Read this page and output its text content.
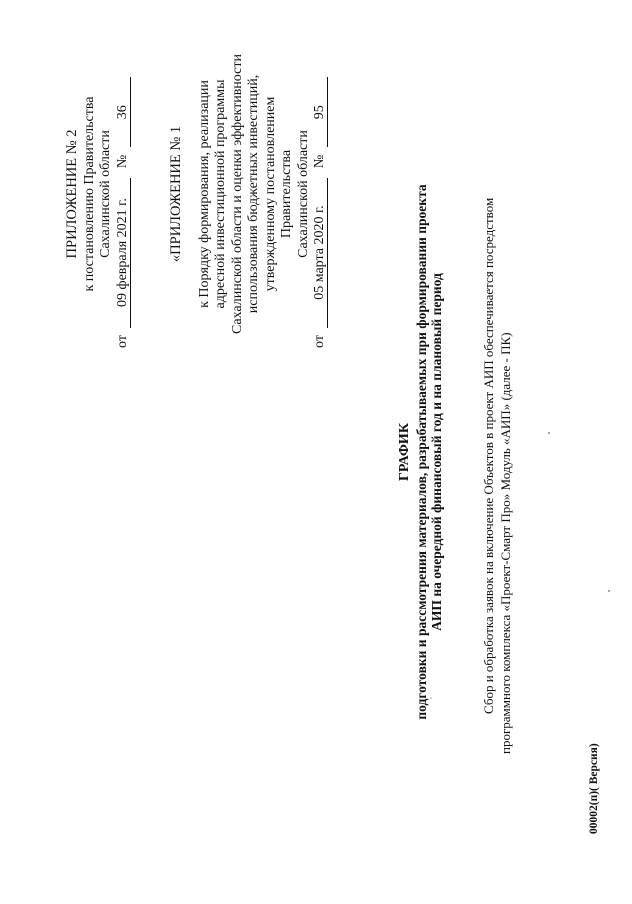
ПРИЛОЖЕНИЕ № 2 к постановлению Правительства Сахалинской области
от 09 февраля 2021 г. № 36
«ПРИЛОЖЕНИЕ № 1 к Порядку формирования, реализации адресной инвестиционной программы Сахалинской области и оценки эффективности использования бюджетных инвестиций, утвержденному постановлением Правительства Сахалинской области
от 05 марта 2020 г. № 95
ГРАФИК подготовки и рассмотрения материалов, разрабатываемых при формировании проекта АИП на очередной финансовый год и на плановый период	Сбор и обработка заявок на включение Объектов в проект АИП обеспечивается посредством программного комплекса «Проект-Смарт Про» Модуль «АИП» (далее - ПК)
00002(п)( Версия)
